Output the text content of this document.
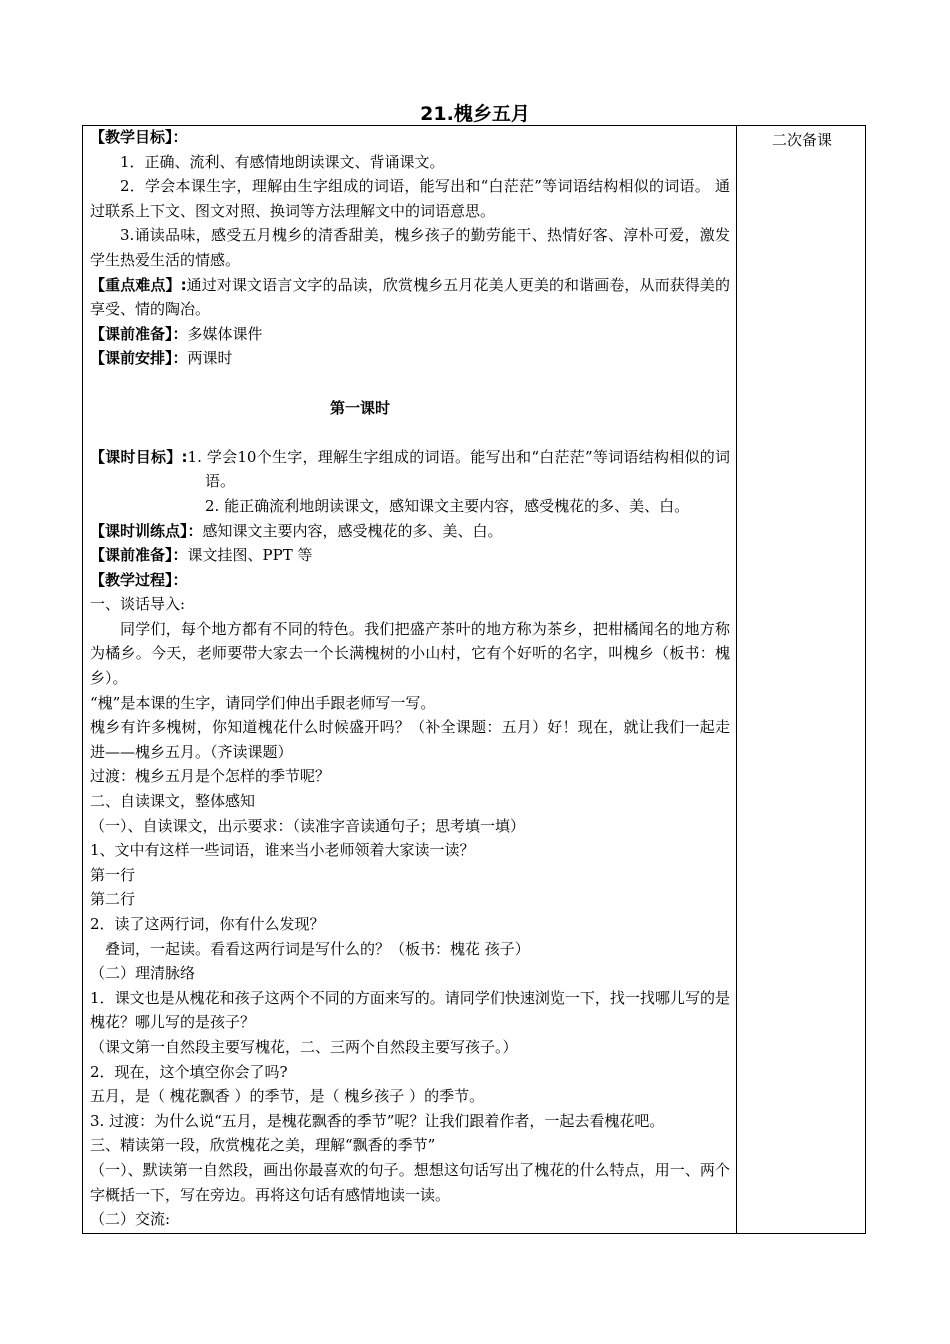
21.槐乡五月
二次备课

【教学目标】：

1．正确、流利、有感情地朗读课文、背诵课文。

2．学会本课生字，理解由生字组成的词语，能写出和“白茫茫”等词语结构相似的词语。 通过联系上下文、图文对照、换词等方法理解文中的词语意思。

3.诵读品味，感受五月槐乡的清香甜美，槐乡孩子的勤劳能干、热情好客、淳朴可爱，激发学生热爱生活的情感。

【重点难点】:通过对课文语言文字的品读，欣赏槐乡五月花美人更美的和谐画卷，从而获得美的享受、情的陶冶。

【课前准备】：多媒体课件

【课前安排】：两课时

第一课时

【课时目标】:1. 学会10个生字，理解生字组成的词语。能写出和“白茫茫”等词语结构相似的词语。

2. 能正确流利地朗读课文，感知课文主要内容，感受槐花的多、美、白。

【课时训练点】：感知课文主要内容，感受槐花的多、美、白。

【课前准备】：课文挂图、PPT 等

【教学过程】：

一、谈话导入:

同学们，每个地方都有不同的特色。我们把盛产茶叶的地方称为茶乡，把柑橘闻名的地方称为橘乡。今天，老师要带大家去一个长满槐树的小山村，它有个好听的名字，叫槐乡（板书：槐乡）。

“槐”是本课的生字，请同学们伸出手跟老师写一写。

槐乡有许多槐树，你知道槐花什么时候盛开吗？（补全课题：五月）好！现在，就让我们一起走进——槐乡五月。（齐读课题）

过渡：槐乡五月是个怎样的季节呢？

二、自读课文，整体感知

（一）、自读课文，出示要求：（读准字音读通句子；思考填一填）

1、文中有这样一些词语，谁来当小老师领着大家读一读？

第一行

第二行

2．读了这两行词，你有什么发现？

叠词，一起读。看看这两行词是写什么的？（板书：槐花 孩子）

（二）理清脉络

1．课文也是从槐花和孩子这两个不同的方面来写的。请同学们快速浏览一下，找一找哪儿写的是槐花？哪儿写的是孩子？

（课文第一自然段主要写槐花，二、三两个自然段主要写孩子。）

2．现在，这个填空你会了吗?

五月，是（ 槐花飘香 ）的季节，是（ 槐乡孩子 ）的季节。

3. 过渡：为什么说“五月，是槐花飘香的季节”呢？让我们跟着作者，一起去看槐花吧。

三、精读第一段，欣赏槐花之美，理解“飘香的季节”

（一）、默读第一自然段，画出你最喜欢的句子。想想这句话写出了槐花的什么特点，用一、两个字概括一下，写在旁边。再将这句话有感情地读一读。

（二）交流:
